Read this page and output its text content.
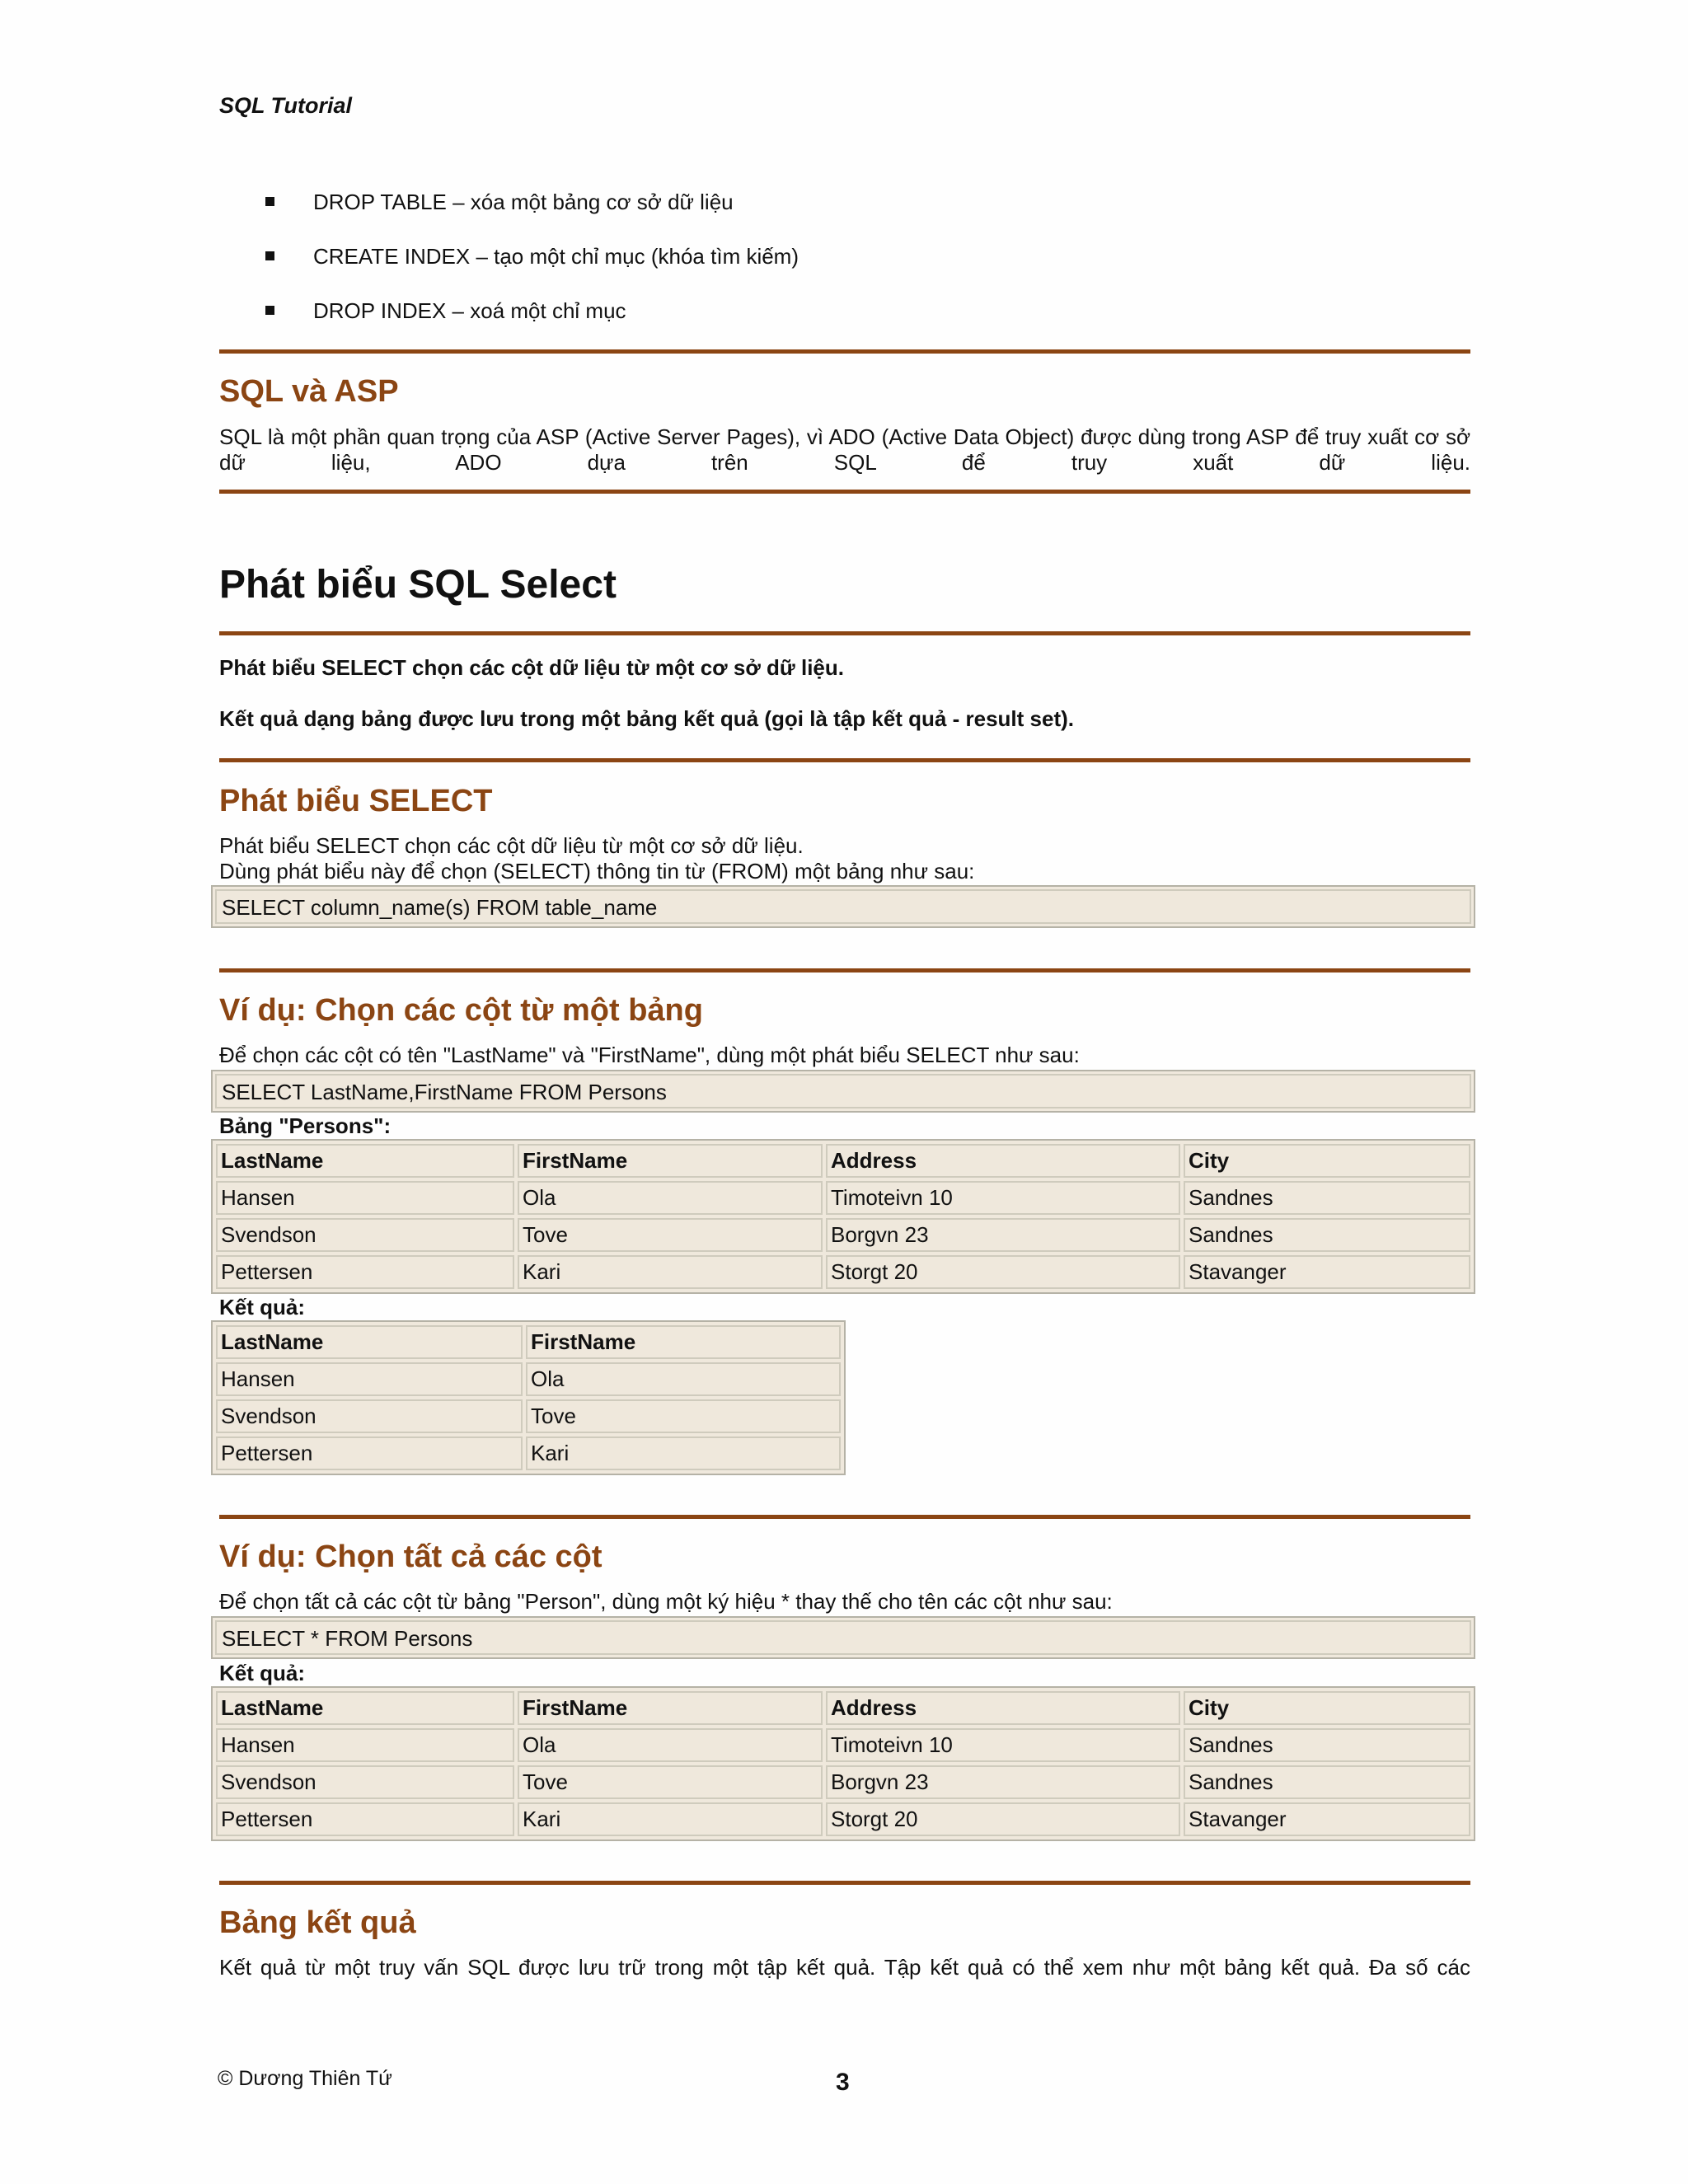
SQL Tutorial
DROP TABLE – xóa một bảng cơ sở dữ liệu
CREATE INDEX – tạo một chỉ mục (khóa tìm kiếm)
DROP INDEX – xoá một chỉ mục
SQL và ASP
SQL là một phần quan trọng của ASP (Active Server Pages), vì ADO (Active Data Object) được dùng trong ASP để truy xuất cơ sở dữ liệu, ADO dựa trên SQL để truy xuất dữ liệu.
Phát biểu SQL Select
Phát biểu SELECT chọn các cột dữ liệu từ một cơ sở dữ liệu.
Kết quả dạng bảng được lưu trong một bảng kết quả (gọi là tập kết quả - result set).
Phát biểu SELECT
Phát biểu SELECT chọn các cột dữ liệu từ một cơ sở dữ liệu.
Dùng phát biểu này để chọn (SELECT) thông tin từ (FROM) một bảng như sau:
SELECT column_name(s) FROM table_name
Ví dụ: Chọn các cột từ một bảng
Để chọn các cột có tên "LastName" và "FirstName", dùng một phát biểu SELECT như sau:
SELECT LastName,FirstName FROM Persons
Bảng "Persons":
LastName	FirstName	Address	City
Hansen	Ola	Timoteivn 10	Sandnes
Svendson	Tove	Borgvn 23	Sandnes
Pettersen	Kari	Storgt 20	Stavanger
Kết quả:
LastName	FirstName
Hansen	Ola
Svendson	Tove
Pettersen	Kari
Ví dụ: Chọn tất cả các cột
Để chọn tất cả các cột từ bảng "Person", dùng một ký hiệu * thay thế cho tên các cột như sau:
SELECT * FROM Persons
Kết quả:
LastName	FirstName	Address	City
Hansen	Ola	Timoteivn 10	Sandnes
Svendson	Tove	Borgvn 23	Sandnes
Pettersen	Kari	Storgt 20	Stavanger
Bảng kết quả
Kết quả từ một truy vấn SQL được lưu trữ trong một tập kết quả. Tập kết quả có thể xem như một bảng kết quả. Đa số các
© Dương Thiên Tứ	3
